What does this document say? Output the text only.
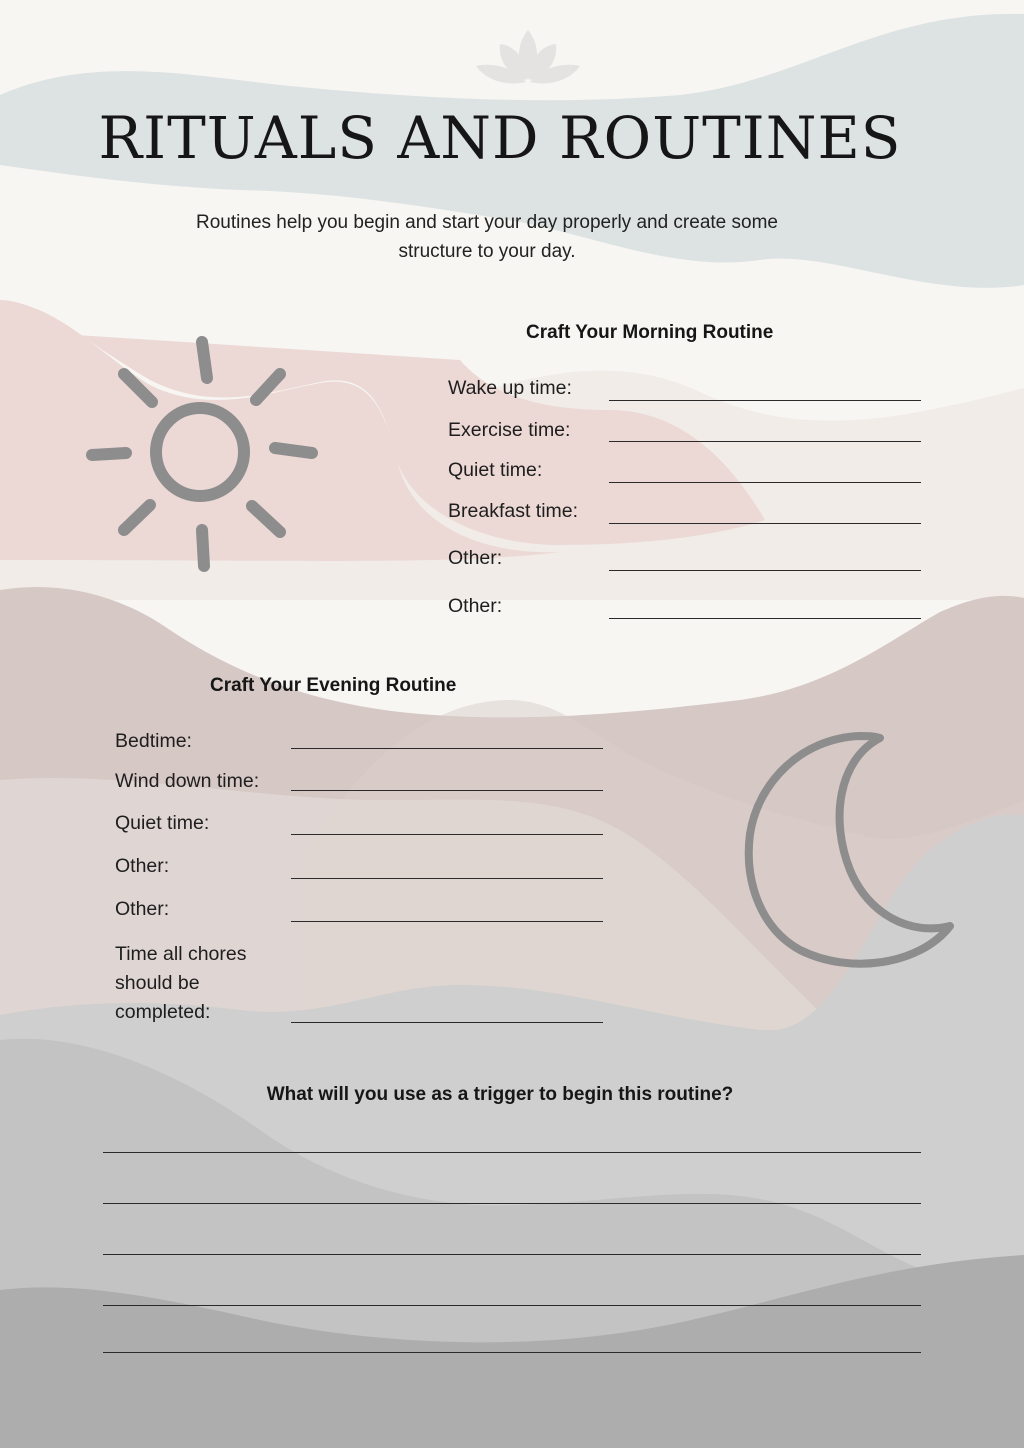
RITUALS AND ROUTINES
Routines help you begin and start your day properly and create some structure to your day.
Craft Your Morning Routine
Wake up time:
Exercise time:
Quiet time:
Breakfast time:
Other:
Other:
Craft Your Evening Routine
Bedtime:
Wind down time:
Quiet time:
Other:
Other:
Time all chores
should be
completed:
What will you use as a trigger to begin this routine?
